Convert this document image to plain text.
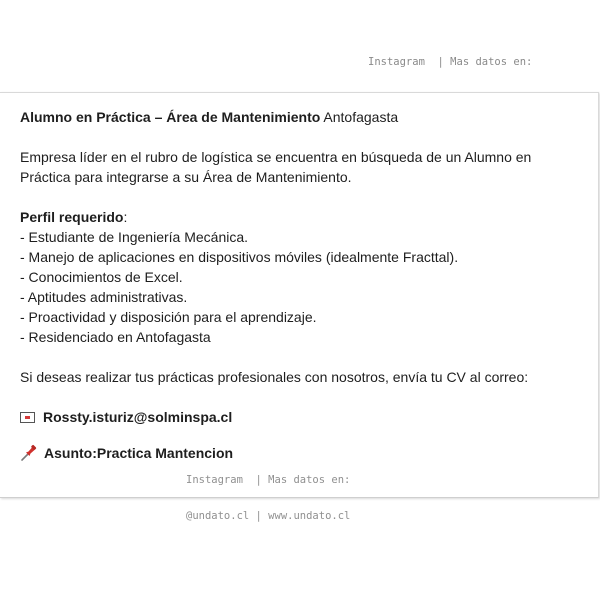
Instagram  | Mas datos en:

Alumno en Práctica – Área de Mantenimiento Antofagasta

Empresa líder en el rubro de logística se encuentra en búsqueda de un Alumno en Práctica para integrarse a su Área de Mantenimiento.

Perfil requerido:

- Estudiante de Ingeniería Mecánica.
- Manejo de aplicaciones en dispositivos móviles (idealmente Fracttal).
- Conocimientos de Excel.
- Aptitudes administrativas.
- Proactividad y disposición para el aprendizaje.
- Residenciado en Antofagasta

Si deseas realizar tus prácticas profesionales con nosotros, envía tu CV al correo:

Rossty.isturiz@solminspa.cl
Asunto : Practica Mantencion

Instagram  | Mas datos en:

@undato.cl | www.undato.cl
